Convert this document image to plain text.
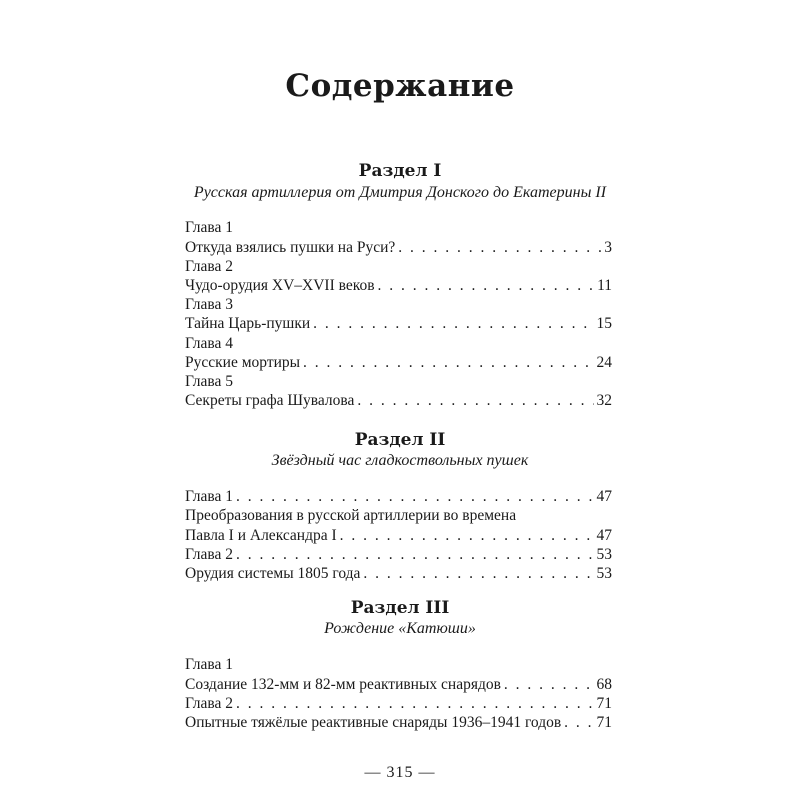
Содержание
Раздел I
Русская артиллерия от Дмитрия Донского до Екатерины II
Глава 1
Откуда взялись пушки на Руси? . . .	3
Глава 2
Чудо-орудия XV–XVII веков . . .	11
Глава 3
Тайна Царь-пушки . . .	15
Глава 4
Русские мортиры . . .	24
Глава 5
Секреты графа Шувалова . . .	32
Раздел II
Звёздный час гладкоствольных пушек
Глава 1 . . .	47
Преобразования в русской артиллерии во времена
Павла I и Александра I . . .	47
Глава 2 . . .	53
Орудия системы 1805 года . . .	53
Раздел III
Рождение «Катюши»
Глава 1
Создание 132-мм и 82-мм реактивных снарядов . . .	68
Глава 2 . . .	71
Опытные тяжёлые реактивные снаряды 1936–1941 годов . . . 71
— 315 —
